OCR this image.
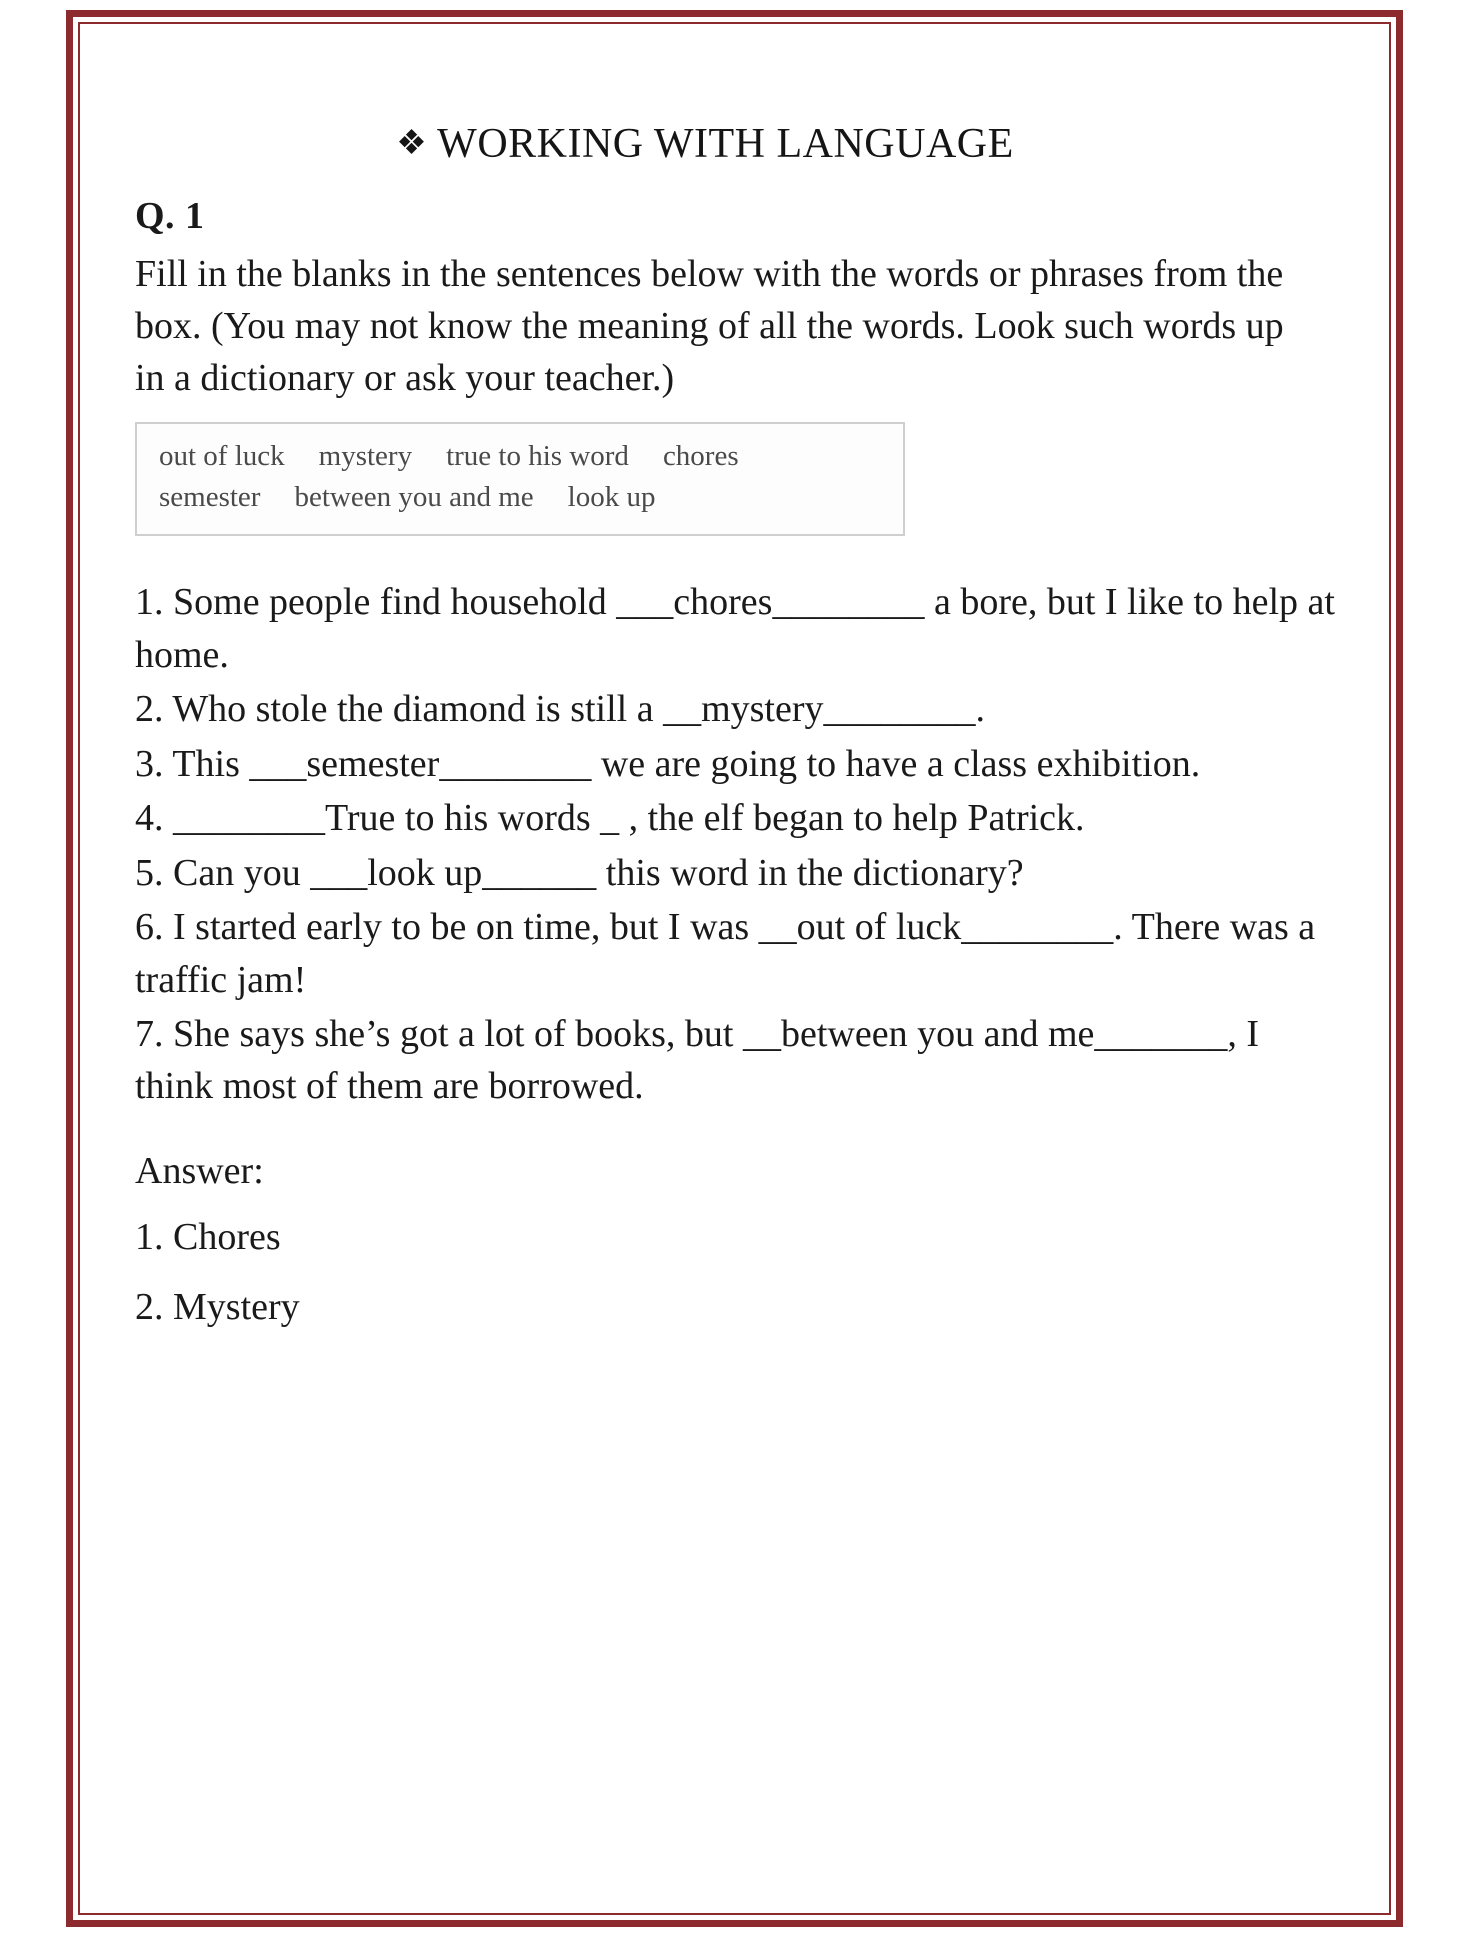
❖ WORKING WITH LANGUAGE
Q. 1

Fill in the blanks in the sentences below with the words or phrases from the box. (You may not know the meaning of all the words. Look such words up in a dictionary or ask your teacher.)

out of luck mystery true to his word chores
semester between you and me look up

1. Some people find household ___chores________ a bore, but I like to help at home.

2. Who stole the diamond is still a __mystery________.

3. This ___semester________ we are going to have a class exhibition.

4. ________True to his words _ , the elf began to help Patrick.

5. Can you ___look up______ this word in the dictionary?

6. I started early to be on time, but I was __out of luck________. There was a traffic jam!

7. She says she’s got a lot of books, but __between you and me_______, I think most of them are borrowed.

Answer:

1. Chores

2. Mystery
